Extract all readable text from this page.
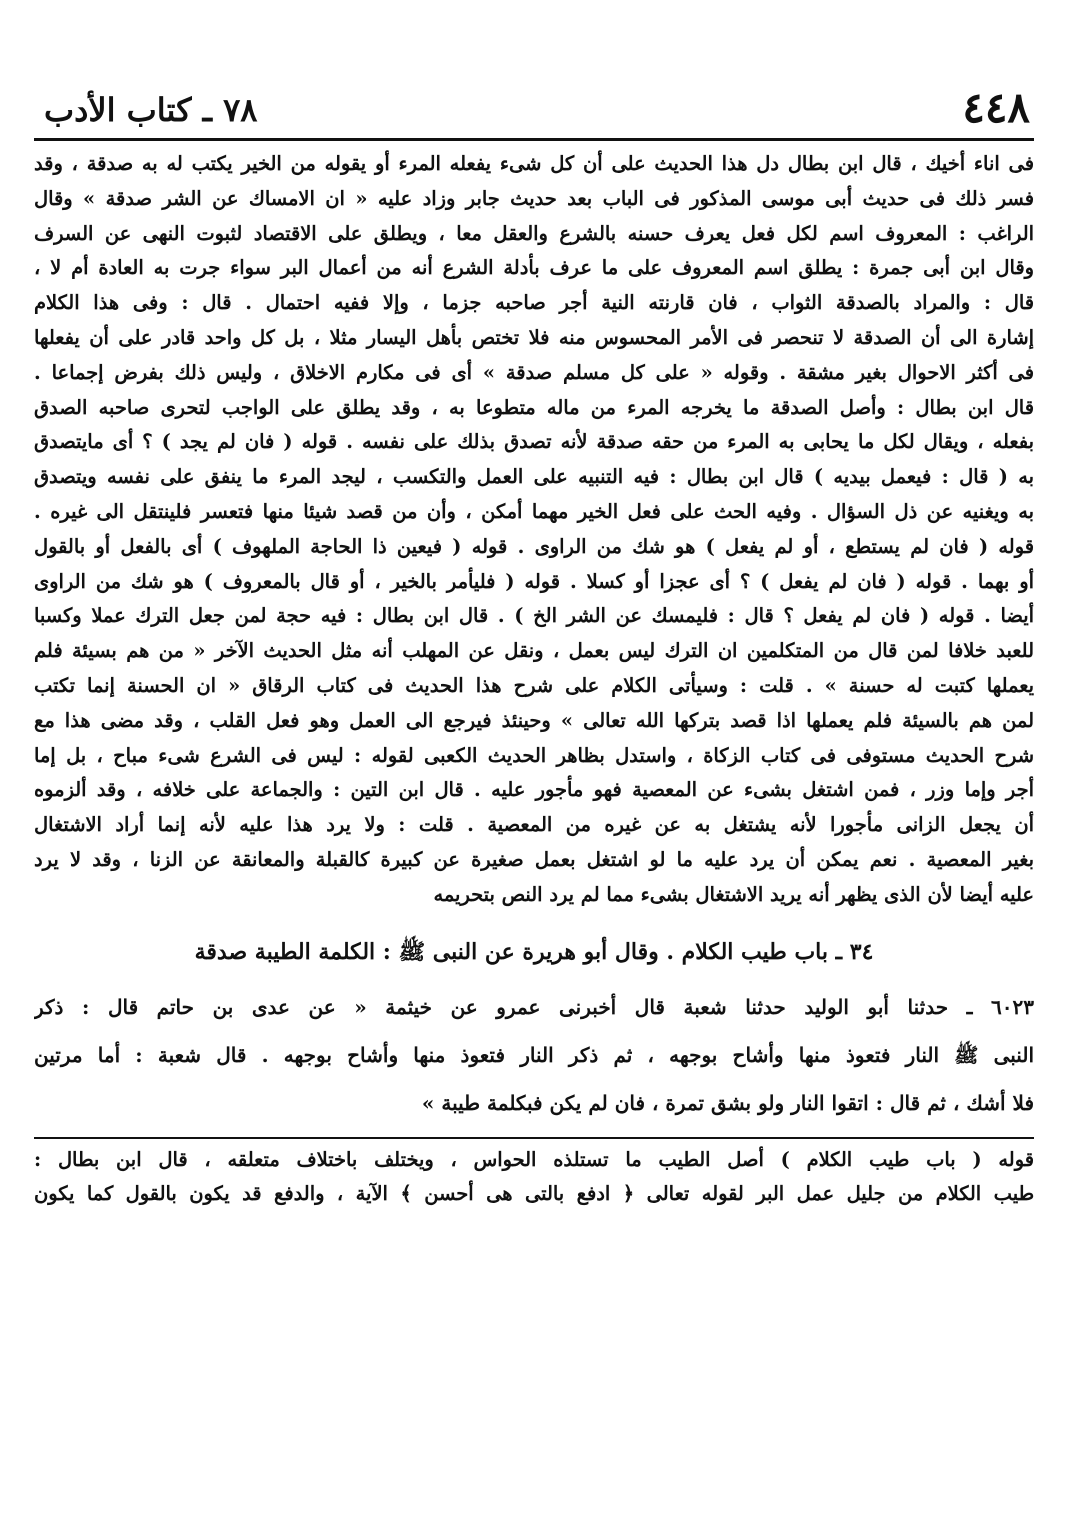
٤٤٨
٧٨ ـ كتاب الأدب
فى اناء أخيك ، قال ابن بطال دل هذا الحديث على أن كل شىء يفعله المرء أو يقوله من الخير يكتب له به صدقة ، وقد
فسر ذلك فى حديث أبى موسى المذكور فى الباب بعد حديث جابر وزاد عليه « ان الامساك عن الشر صدقة » وقال
الراغب : المعروف اسم لكل فعل يعرف حسنه بالشرع والعقل معا ، ويطلق على الاقتصاد لثبوت النهى عن السرف
وقال ابن أبى جمرة : يطلق اسم المعروف على ما عرف بأدلة الشرع أنه من أعمال البر سواء جرت به العادة أم لا ،
قال : والمراد بالصدقة الثواب ، فان قارنته النية أجر صاحبه جزما ، وإلا ففيه احتمال . قال : وفى هذا الكلام
إشارة الى أن الصدقة لا تنحصر فى الأمر المحسوس منه فلا تختص بأهل اليسار مثلا ، بل كل واحد قادر على أن يفعلها
فى أكثر الاحوال بغير مشقة . وقوله « على كل مسلم صدقة » أى فى مكارم الاخلاق ، وليس ذلك بفرض إجماعا .
قال ابن بطال : وأصل الصدقة ما يخرجه المرء من ماله متطوعا به ، وقد يطلق على الواجب لتحرى صاحبه الصدق
بفعله ، ويقال لكل ما يحابى به المرء من حقه صدقة لأنه تصدق بذلك على نفسه . قوله ( فان لم يجد ) ؟ أى مايتصدق
به ( قال : فيعمل بيديه ) قال ابن بطال : فيه التنبيه على العمل والتكسب ، ليجد المرء ما ينفق على نفسه ويتصدق
به ويغنيه عن ذل السؤال . وفيه الحث على فعل الخير مهما أمكن ، وأن من قصد شيئا منها فتعسر فلينتقل الى غيره .
قوله ( فان لم يستطع ، أو لم يفعل ) هو شك من الراوى . قوله ( فيعين ذا الحاجة الملهوف ) أى بالفعل أو بالقول
أو بهما . قوله ( فان لم يفعل ) ؟ أى عجزا أو كسلا . قوله ( فليأمر بالخير ، أو قال بالمعروف ) هو شك من الراوى
أيضا . قوله ( فان لم يفعل ؟ قال : فليمسك عن الشر الخ ) . قال ابن بطال : فيه حجة لمن جعل الترك عملا وكسبا
للعبد خلافا لمن قال من المتكلمين ان الترك ليس بعمل ، ونقل عن المهلب أنه مثل الحديث الآخر « من هم بسيئة فلم
يعملها كتبت له حسنة » . قلت : وسيأتى الكلام على شرح هذا الحديث فى كتاب الرقاق « ان الحسنة إنما تكتب
لمن هم بالسيئة فلم يعملها اذا قصد بتركها الله تعالى » وحينئذ فيرجع الى العمل وهو فعل القلب ، وقد مضى هذا مع
شرح الحديث مستوفى فى كتاب الزكاة ، واستدل بظاهر الحديث الكعبى لقوله : ليس فى الشرع شىء مباح ، بل إما
أجر وإما وزر ، فمن اشتغل بشىء عن المعصية فهو مأجور عليه . قال ابن التين : والجماعة على خلافه ، وقد ألزموه
أن يجعل الزانى مأجورا لأنه يشتغل به عن غيره من المعصية . قلت : ولا يرد هذا عليه لأنه إنما أراد الاشتغال
بغير المعصية . نعم يمكن أن يرد عليه ما لو اشتغل بعمل صغيرة عن كبيرة كالقبلة والمعانقة عن الزنا ، وقد لا يرد
عليه أيضا لأن الذى يظهر أنه يريد الاشتغال بشىء مما لم يرد النص بتحريمه
٣٤ ـ باب طيب الكلام . وقال أبو هريرة عن النبى ﷺ : الكلمة الطيبة صدقة
٦٠٢٣ ـ حدثنا أبو الوليد حدثنا شعبة قال أخبرنى عمرو عن خيثمة « عن عدى بن حاتم قال : ذكر
النبى ﷺ النار فتعوذ منها وأشاح بوجهه ، ثم ذكر النار فتعوذ منها وأشاح بوجهه . قال شعبة : أما مرتين
فلا أشك ، ثم قال : اتقوا النار ولو بشق تمرة ، فان لم يكن فبكلمة طيبة »
قوله ( باب طيب الكلام ) أصل الطيب ما تستلذه الحواس ، ويختلف باختلاف متعلقه ، قال ابن بطال :
طيب الكلام من جليل عمل البر لقوله تعالى ﴿ ادفع بالتى هى أحسن ﴾ الآية ، والدفع قد يكون بالقول كما يكون
